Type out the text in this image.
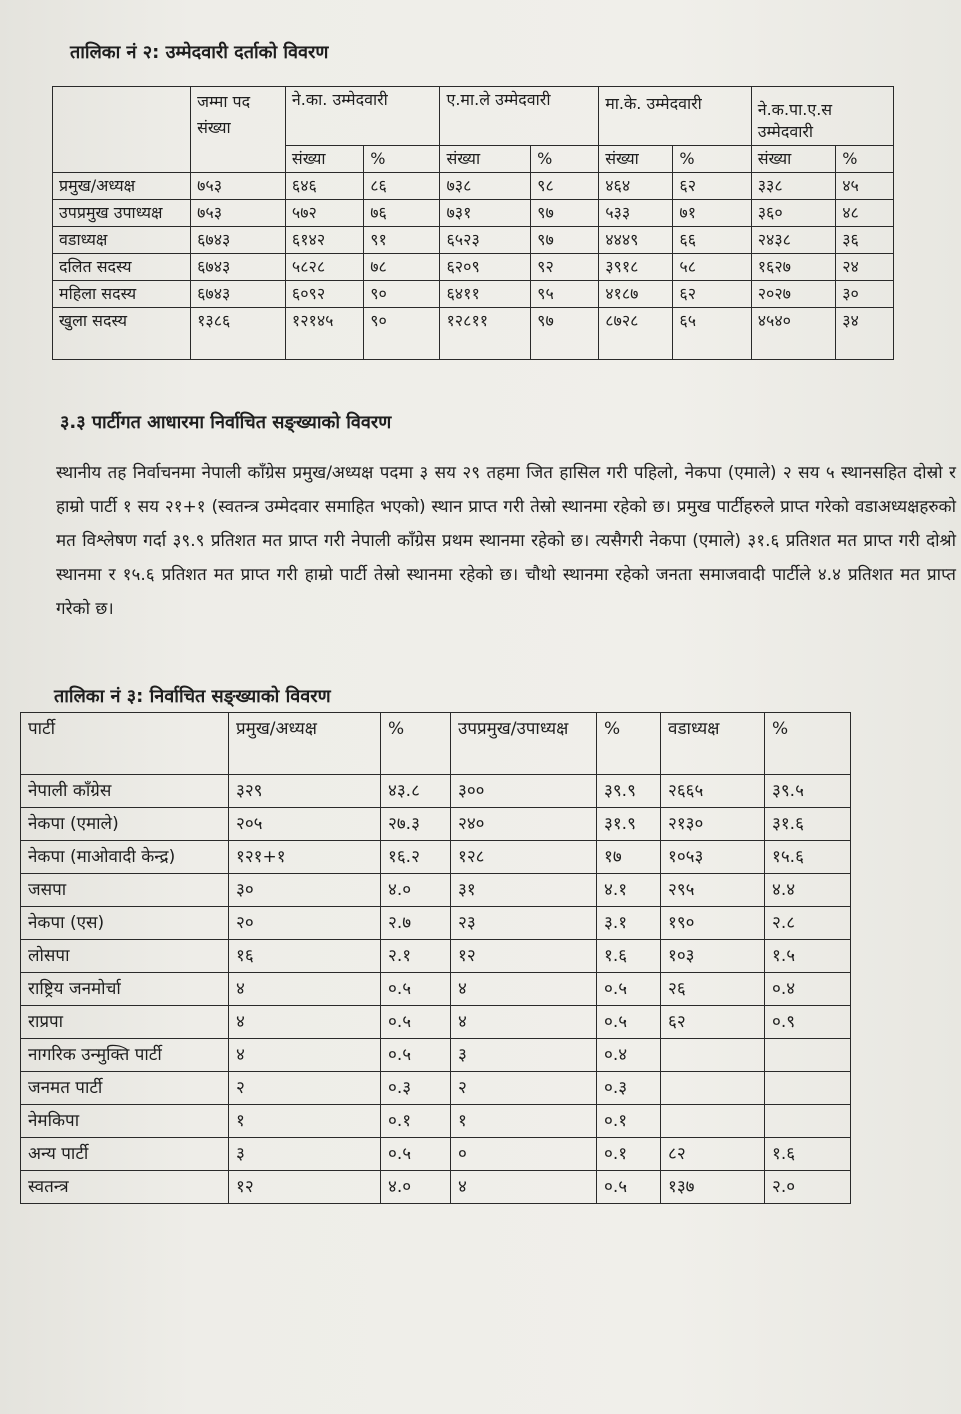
तालिका नं २: उम्मेदवारी दर्ताको विवरण
	जम्मा पद संख्या	ने.का. उम्मेदवारी		ए.मा.ले उम्मेदवारी		मा.के. उम्मेदवारी		ने.क.पा.ए.स उम्मेदवारी	
		संख्या	%	संख्या	%	संख्या	%	संख्या	%
प्रमुख/अध्यक्ष	७५३	६४६	८६	७३८	९८	४६४	६२	३३८	४५
उपप्रमुख उपाध्यक्ष	७५३	५७२	७६	७३१	९७	५३३	७१	३६०	४८
वडाध्यक्ष	६७४३	६१४२	९१	६५२३	९७	४४४९	६६	२४३८	३६
दलित सदस्य	६७४३	५८२८	७८	६२०९	९२	३९१८	५८	१६२७	२४
महिला सदस्य	६७४३	६०९२	९०	६४११	९५	४१८७	६२	२०२७	३०
खुला सदस्य	१३८६	१२१४५	९०	१२८११	९७	८७२८	६५	४५४०	३४
३.३ पार्टीगत आधारमा निर्वाचित सङ्ख्याको विवरण
स्थानीय तह निर्वाचनमा नेपाली काँग्रेस प्रमुख/अध्यक्ष पदमा ३ सय २९ तहमा जित हासिल गरी पहिलो, नेकपा (एमाले) २ सय ५ स्थानसहित दोस्रो र हाम्रो पार्टी १ सय २१+१ (स्वतन्त्र उम्मेदवार समाहित भएको) स्थान प्राप्त गरी तेस्रो स्थानमा रहेको छ। प्रमुख पार्टीहरुले प्राप्त गरेको वडाअध्यक्षहरुको मत विश्लेषण गर्दा ३९.९ प्रतिशत मत प्राप्त गरी नेपाली काँग्रेस प्रथम स्थानमा रहेको छ। त्यसैगरी नेकपा (एमाले) ३१.६ प्रतिशत मत प्राप्त गरी दोश्रो स्थानमा र १५.६ प्रतिशत मत प्राप्त गरी हाम्रो पार्टी तेस्रो स्थानमा रहेको छ। चौथो स्थानमा रहेको जनता समाजवादी पार्टीले ४.४ प्रतिशत मत प्राप्त गरेको छ।
तालिका नं ३: निर्वाचित सङ्ख्याको विवरण
पार्टी	प्रमुख/अध्यक्ष	%	उपप्रमुख/उपाध्यक्ष	%	वडाध्यक्ष	%
नेपाली काँग्रेस	३२९	४३.८	३००	३९.९	२६६५	३९.५
नेकपा (एमाले)	२०५	२७.३	२४०	३१.९	२१३०	३१.६
नेकपा (माओवादी केन्द्र)	१२१+१	१६.२	१२८	१७	१०५३	१५.६
जसपा	३०	४.०	३१	४.१	२९५	४.४
नेकपा (एस)	२०	२.७	२३	३.१	१९०	२.८
लोसपा	१६	२.१	१२	१.६	१०३	१.५
राष्ट्रिय जनमोर्चा	४	०.५	४	०.५	२६	०.४
राप्रपा	४	०.५	४	०.५	६२	०.९
नागरिक उन्मुक्ति पार्टी	४	०.५	३	०.४		
जनमत पार्टी	२	०.३	२	०.३		
नेमकिपा	१	०.१	१	०.१		
अन्य पार्टी	३	०.५	०	०.१	८२	१.६
स्वतन्त्र	१२	४.०	४	०.५	१३७	२.०
